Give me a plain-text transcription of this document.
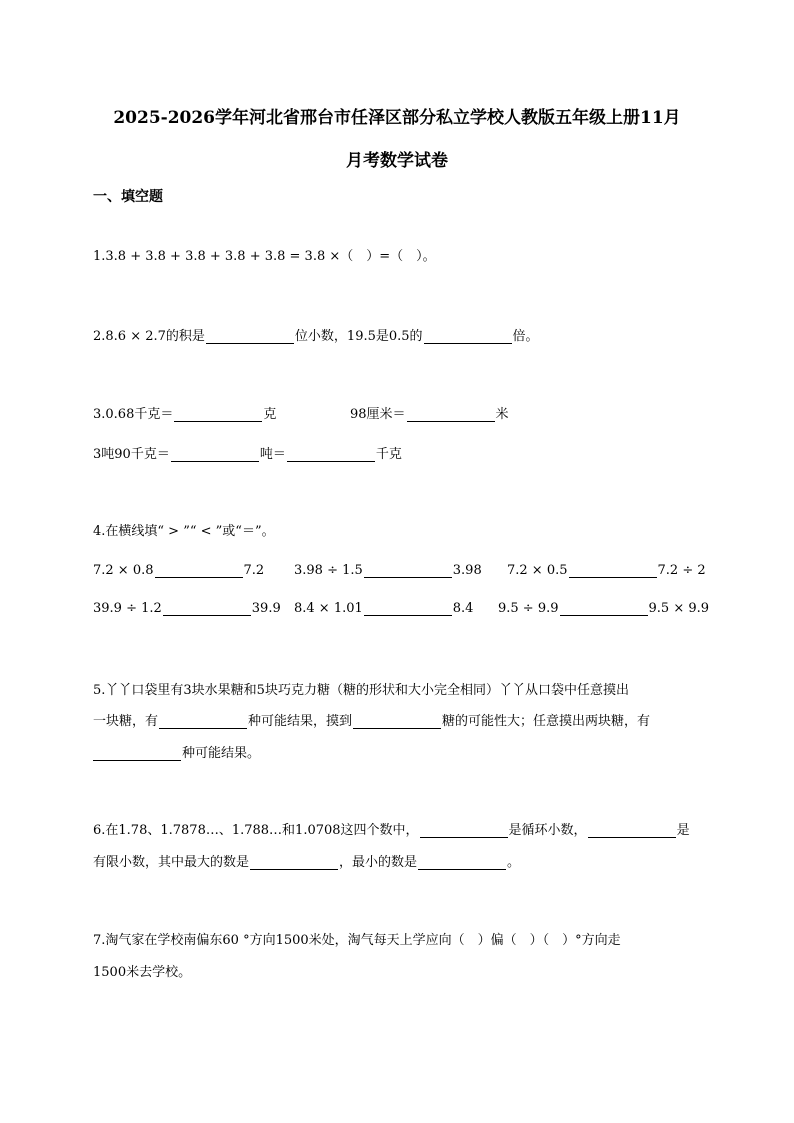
2025-2026学年河北省邢台市任泽区部分私立学校人教版五年级上册11月
月考数学试卷
一、填空题
1.3.8 + 3.8 + 3.8 + 3.8 + 3.8 = 3.8 ×（　）=（　）。
2.8.6 × 2.7的积是	位小数，19.5是0.5的	倍。
3.0.68千克＝	克	98厘米＝	米
3吨90千克＝	吨＝	千克
4.在横线填“ > ”“ < ”或“＝”。
7.2 × 0.8	7.2 3.98 ÷ 1.5	3.98 7.2 × 0.5	7.2 ÷ 2
39.9 ÷ 1.2	39.9 8.4 × 1.01	8.4 9.5 ÷ 9.9	9.5 × 9.9
5.丫丫口袋里有3块水果糖和5块巧克力糖（糖的形状和大小完全相同）丫丫从口袋中任意摸出
一块糖，有	种可能结果，摸到	糖的可能性大；任意摸出两块糖，有
种可能结果。
6.在1.78、1.7878…、1.788…和1.0708这四个数中，	是循环小数，	是
有限小数，其中最大的数是	，最小的数是	。
7.淘气家在学校南偏东60 °方向1500米处，淘气每天上学应向（　）偏（　）（　）°方向走
1500米去学校。
